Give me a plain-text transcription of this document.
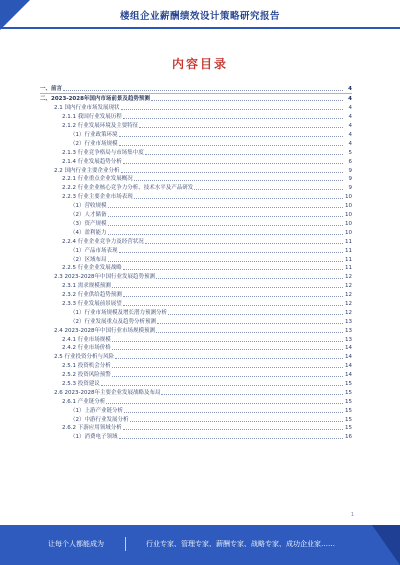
楼组企业薪酬绩效设计策略研究报告
内容目录
一、前言	4
二、2023-2028年国内市场前景及趋势预测	4
2.1 国内行业市场发展现状	4
2.1.1 我国行业发展历程	4
2.1.2 行业发展环境及主要特征	4
（1）行业政策环境	4
（2）行业市场规模	4
2.1.3 行业竞争格局与市场集中度	5
2.1.4 行业发展趋势分析	6
2.2 国内行业主要企业分析	9
2.2.1 行业重点企业发展概况	9
2.2.2 行业企业核心竞争力分析、技术水平及产品研发	9
2.2.3 行业主要企业市场表现	10
（1）营收规模	10
（2）人才储备	10
（3）资产规模	10
（4）盈利能力	10
2.2.4 行业企业竞争力及经营状况	11
（1）产品市场表现	11
（2）区域布局	11
2.2.5 行业企业发展战略	11
2.3 2023-2028年中国行业发展趋势预测	12
2.3.1 需求规模预测	12
2.3.2 行业供给趋势预测	12
2.3.3 行业发展前景展望	12
（1）行业市场规模及增长潜力预测分析	12
（2）行业发展重点及趋势分析预测	13
2.4 2023-2028年中国行业市场规模预测	13
2.4.1 行业市场规模	13
2.4.2 行业市场价格	14
2.5 行业投资分析与风险	14
2.5.1 投资机会分析	14
2.5.2 投资风险预警	14
2.5.3 投资建议	15
2.6 2023-2028年主要企业发展战略及布局	15
2.6.1 产业链分析	15
（1）上游产业链分析	15
（2）中游行业发展分析	15
2.6.2 下游应用领域分析	15
（1）消费电子领域	16
1
让每个人都能成为	行业专家、管理专家、薪酬专家、战略专家、成功企业家……
